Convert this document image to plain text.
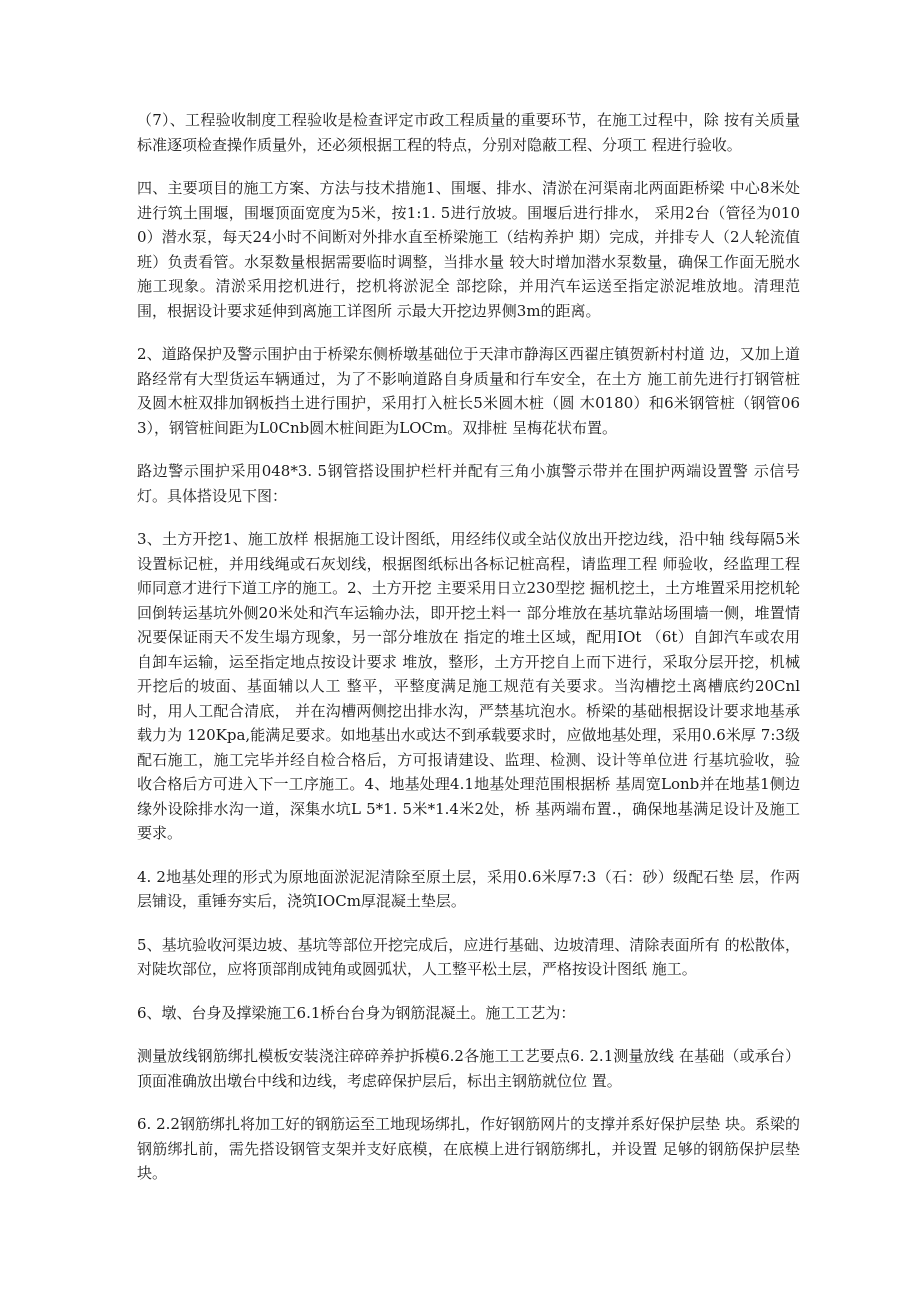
（7）、工程验收制度工程验收是检查评定市政工程质量的重要环节，在施工过程中，除 按有关质量标准逐项检查操作质量外，还必须根据工程的特点，分别对隐蔽工程、分项工 程进行验收。

四、主要项目的施工方案、方法与技术措施1、围堰、排水、清淤在河渠南北两面距桥梁 中心8米处进行筑土围堰，围堰顶面宽度为5米，按1:1. 5进行放坡。围堰后进行排水， 采用2台（管径为0100）潜水泵，每天24小时不间断对外排水直至桥梁施工（结构养护 期）完成，并排专人（2人轮流值班）负责看管。水泵数量根据需要临时调整，当排水量 较大时增加潜水泵数量，确保工作面无脱水施工现象。清淤采用挖机进行，挖机将淤泥全 部挖除，并用汽车运送至指定淤泥堆放地。清理范围，根据设计要求延伸到离施工详图所 示最大开挖边界侧3m的距离。

2、道路保护及警示围护由于桥梁东侧桥墩基础位于天津市静海区西翟庄镇贺新村村道 边，又加上道路经常有大型货运车辆通过，为了不影响道路自身质量和行车安全，在土方 施工前先进行打钢管桩及圆木桩双排加钢板挡土进行围护，采用打入桩长5米圆木桩（圆 木0180）和6米钢管桩（钢管063），钢管桩间距为L0Cnb圆木桩间距为LOCm。双排桩 呈梅花状布置。

路边警示围护采用048*3. 5钢管搭设围护栏杆并配有三角小旗警示带并在围护两端设置警 示信号灯。具体搭设见下图：

3、土方开挖1、施工放样 根据施工设计图纸，用经纬仪或全站仪放出开挖边线，沿中轴 线每隔5米设置标记桩，并用线绳或石灰划线，根据图纸标出各标记桩高程，请监理工程 师验收，经监理工程师同意才进行下道工序的施工。2、土方开挖 主要采用日立230型挖 掘机挖土，土方堆置采用挖机轮回倒转运基坑外侧20米处和汽车运输办法，即开挖土料一 部分堆放在基坑靠站场围墙一侧，堆置情况要保证雨天不发生塌方现象，另一部分堆放在 指定的堆土区域，配用IOt （6t）自卸汽车或农用自卸车运输，运至指定地点按设计要求 堆放，整形，土方开挖自上而下进行，采取分层开挖，机械开挖后的坡面、基面辅以人工 整平，平整度满足施工规范有关要求。当沟槽挖土离槽底约20Cnl时，用人工配合清底， 并在沟槽两侧挖出排水沟，严禁基坑泡水。桥梁的基础根据设计要求地基承载力为 120Kpa,能满足要求。如地基出水或达不到承载要求时，应做地基处理，采用0.6米厚 7:3级配石施工，施工完毕并经自检合格后，方可报请建设、监理、检测、设计等单位进 行基坑验收，验收合格后方可进入下一工序施工。4、地基处理4.1地基处理范围根据桥 基周宽Lonb并在地基1侧边缘外设除排水沟一道，深集水坑L 5*1. 5米*1.4米2处，桥 基两端布置.，确保地基满足设计及施工要求。

4. 2地基处理的形式为原地面淤泥泥清除至原土层，采用0.6米厚7:3（石：砂）级配石垫 层，作两层铺设，重锤夯实后，浇筑IOCm厚混凝土垫层。

5、基坑验收河渠边坡、基坑等部位开挖完成后，应进行基础、边坡清理、清除表面所有 的松散体，对陡坎部位，应将顶部削成钝角或圆弧状，人工整平松土层，严格按设计图纸 施工。

6、墩、台身及撑梁施工6.1桥台台身为钢筋混凝土。施工工艺为：

测量放线钢筋绑扎模板安装浇注碎碎养护拆模6.2各施工工艺要点6. 2.1测量放线 在基础（或承台）顶面准确放出墩台中线和边线，考虑碎保护层后，标出主钢筋就位位 置。

6. 2.2钢筋绑扎将加工好的钢筋运至工地现场绑扎，作好钢筋网片的支撑并系好保护层垫 块。系梁的钢筋绑扎前，需先搭设钢管支架并支好底模，在底模上进行钢筋绑扎，并设置 足够的钢筋保护层垫块。
